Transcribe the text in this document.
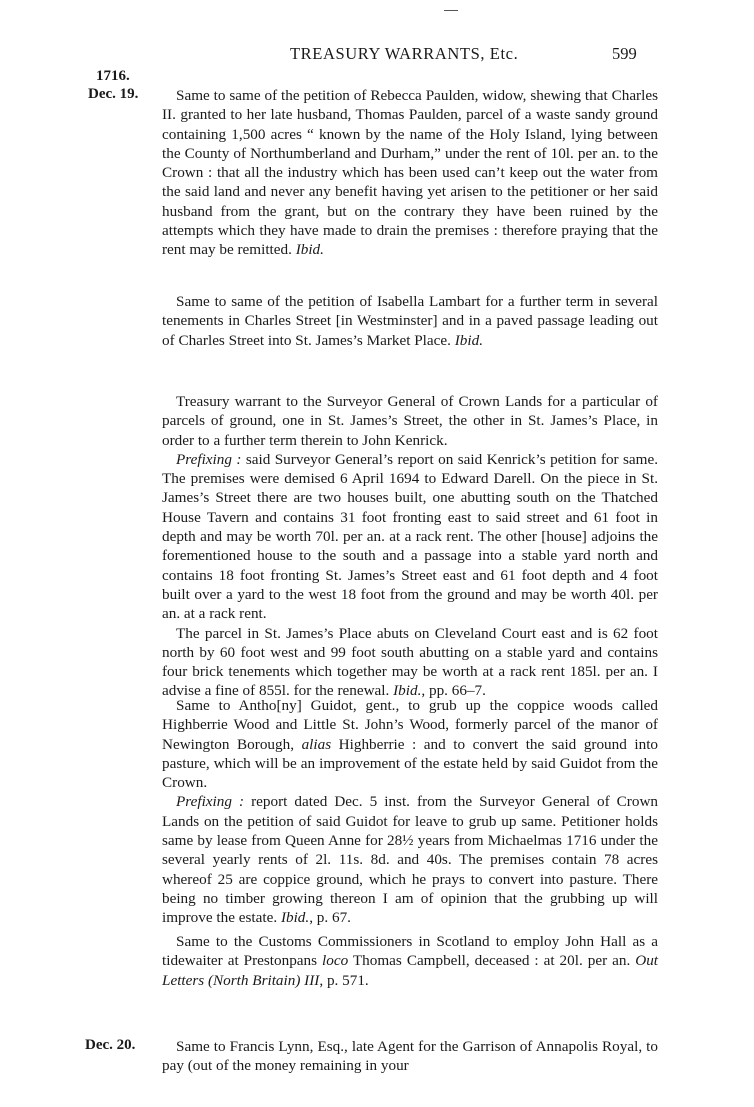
TREASURY WARRANTS, Etc.	599
1716.
Dec. 19.
Dec. 20.

Same to same of the petition of Rebecca Paulden, widow, shewing that Charles II. granted to her late husband, Thomas Paulden, parcel of a waste sandy ground containing 1,500 acres “ known by the name of the Holy Island, lying between the County of Northumberland and Durham,” under the rent of 10l. per an. to the Crown : that all the industry which has been used can’t keep out the water from the said land and never any benefit having yet arisen to the petitioner or her said husband from the grant, but on the contrary they have been ruined by the attempts which they have made to drain the premises : therefore praying that the rent may be remitted. Ibid.

Same to same of the petition of Isabella Lambart for a further term in several tenements in Charles Street [in Westminster] and in a paved passage leading out of Charles Street into St. James’s Market Place. Ibid.

Treasury warrant to the Surveyor General of Crown Lands for a particular of parcels of ground, one in St. James’s Street, the other in St. James’s Place, in order to a further term therein to John Kenrick.

Prefixing : said Surveyor General’s report on said Kenrick’s petition for same. The premises were demised 6 April 1694 to Edward Darell. On the piece in St. James’s Street there are two houses built, one abutting south on the Thatched House Tavern and contains 31 foot fronting east to said street and 61 foot in depth and may be worth 70l. per an. at a rack rent. The other [house] adjoins the forementioned house to the south and a passage into a stable yard north and contains 18 foot fronting St. James’s Street east and 61 foot depth and 4 foot built over a yard to the west 18 foot from the ground and may be worth 40l. per an. at a rack rent.

The parcel in St. James’s Place abuts on Cleveland Court east and is 62 foot north by 60 foot west and 99 foot south abutting on a stable yard and contains four brick tenements which together may be worth at a rack rent 185l. per an. I advise a fine of 855l. for the renewal. Ibid., pp. 66–7.

Same to Antho[ny] Guidot, gent., to grub up the coppice woods called Highberrie Wood and Little St. John’s Wood, formerly parcel of the manor of Newington Borough, alias Highberrie : and to convert the said ground into pasture, which will be an improvement of the estate held by said Guidot from the Crown.

Prefixing : report dated Dec. 5 inst. from the Surveyor General of Crown Lands on the petition of said Guidot for leave to grub up same. Petitioner holds same by lease from Queen Anne for 28½ years from Michaelmas 1716 under the several yearly rents of 2l. 11s. 8d. and 40s. The premises contain 78 acres whereof 25 are coppice ground, which he prays to convert into pasture. There being no timber growing thereon I am of opinion that the grubbing up will improve the estate. Ibid., p. 67.

Same to the Customs Commissioners in Scotland to employ John Hall as a tidewaiter at Prestonpans loco Thomas Campbell, deceased : at 20l. per an. Out Letters (North Britain) III, p. 571.

Same to Francis Lynn, Esq., late Agent for the Garrison of Annapolis Royal, to pay (out of the money remaining in your
